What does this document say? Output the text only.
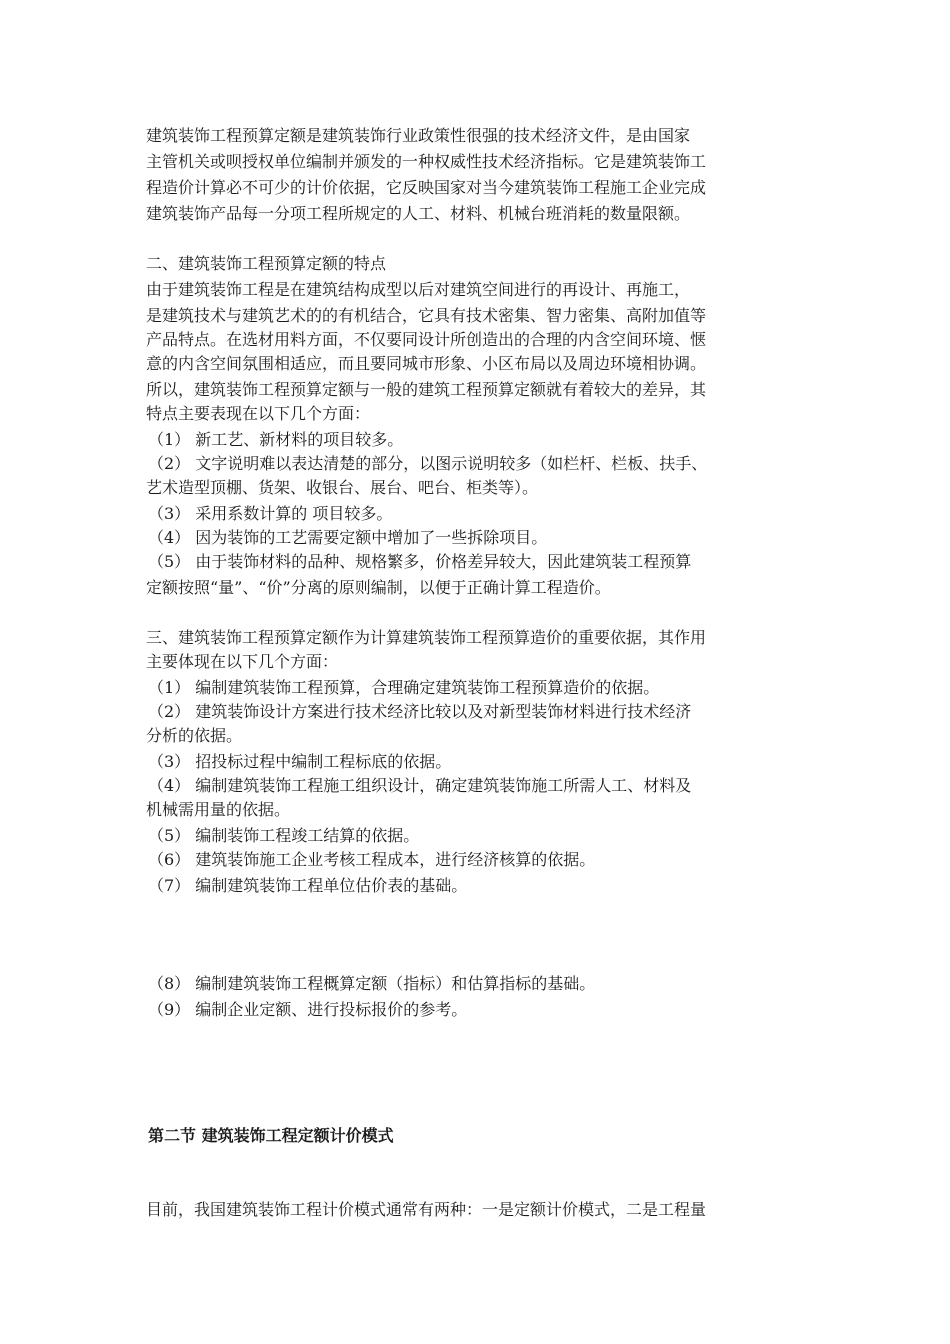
建筑装饰工程预算定额是建筑装饰行业政策性很强的技术经济文件，是由国家
主管机关或呗授权单位编制并颁发的一种权威性技术经济指标。它是建筑装饰工
程造价计算必不可少的计价依据，它反映国家对当今建筑装饰工程施工企业完成
建筑装饰产品每一分项工程所规定的人工、材料、机械台班消耗的数量限额。
二、建筑装饰工程预算定额的特点
由于建筑装饰工程是在建筑结构成型以后对建筑空间进行的再设计、再施工，
是建筑技术与建筑艺术的的有机结合，它具有技术密集、智力密集、高附加值等
产品特点。在选材用料方面，不仅要同设计所创造出的合理的内含空间环境、惬
意的内含空间氛围相适应，而且要同城市形象、小区布局以及周边环境相协调。
所以，建筑装饰工程预算定额与一般的建筑工程预算定额就有着较大的差异，其
特点主要表现在以下几个方面：
（1） 新工艺、新材料的项目较多。
（2） 文字说明难以表达清楚的部分，以图示说明较多（如栏杆、栏板、扶手、
艺术造型顶棚、货架、收银台、展台、吧台、柜类等）。
（3） 采用系数计算的 项目较多。
（4） 因为装饰的工艺需要定额中增加了一些拆除项目。
（5） 由于装饰材料的品种、规格繁多，价格差异较大，因此建筑装工程预算
定额按照“量”、“价”分离的原则编制，以便于正确计算工程造价。
三、建筑装饰工程预算定额作为计算建筑装饰工程预算造价的重要依据，其作用
主要体现在以下几个方面：
（1） 编制建筑装饰工程预算，合理确定建筑装饰工程预算造价的依据。
（2） 建筑装饰设计方案进行技术经济比较以及对新型装饰材料进行技术经济
分析的依据。
（3） 招投标过程中编制工程标底的依据。
（4） 编制建筑装饰工程施工组织设计，确定建筑装饰施工所需人工、材料及
机械需用量的依据。
（5） 编制装饰工程竣工结算的依据。
（6） 建筑装饰施工企业考核工程成本，进行经济核算的依据。
（7） 编制建筑装饰工程单位估价表的基础。
（8） 编制建筑装饰工程概算定额（指标）和估算指标的基础。
（9） 编制企业定额、进行投标报价的参考。
第二节 建筑装饰工程定额计价模式
目前，我国建筑装饰工程计价模式通常有两种：一是定额计价模式，二是工程量
